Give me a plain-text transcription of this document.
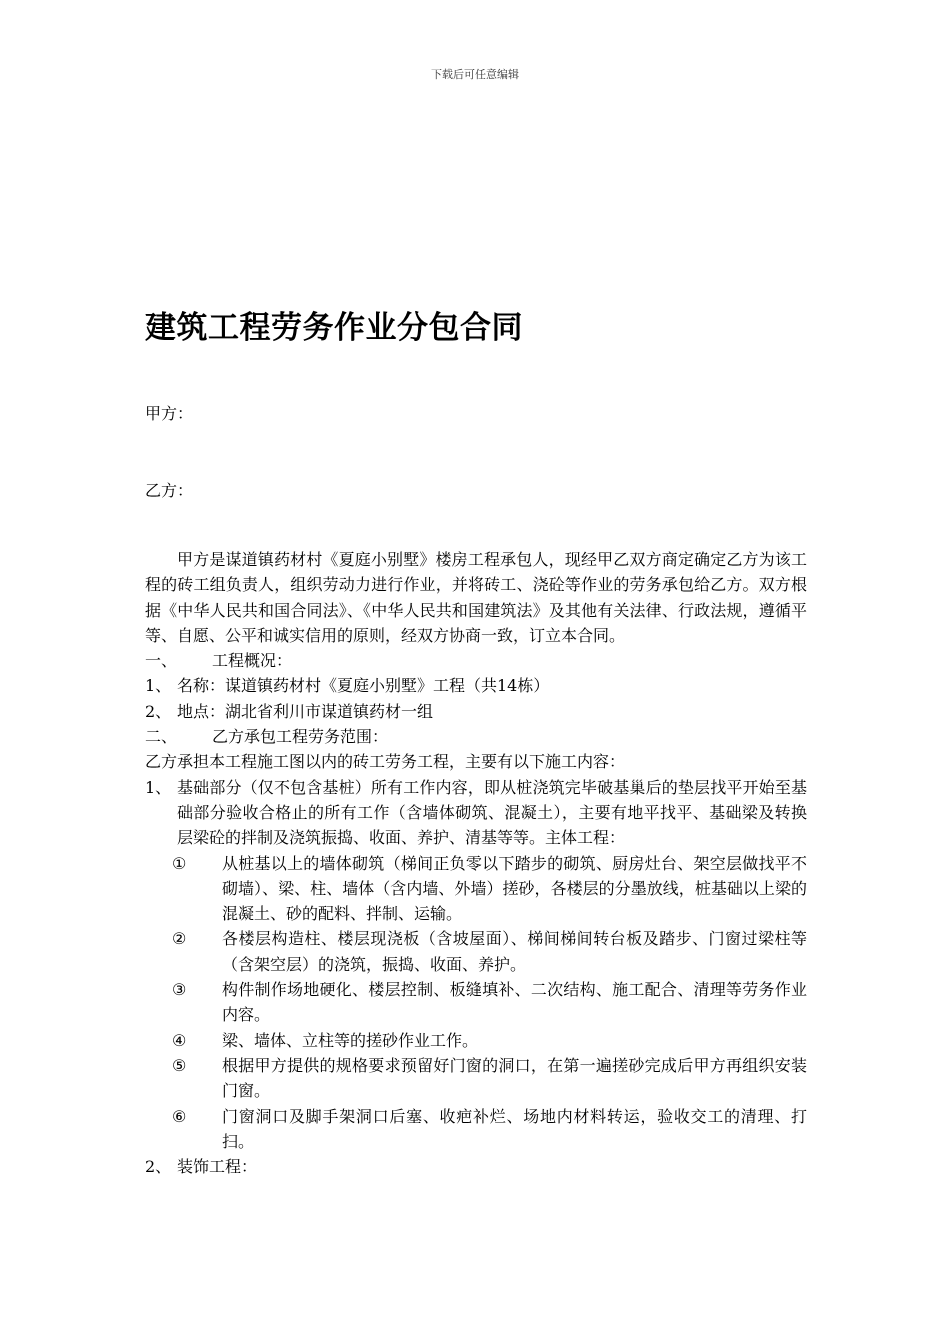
下载后可任意编辑
建筑工程劳务作业分包合同
甲方：
乙方：

甲方是谋道镇药材村《夏庭小别墅》楼房工程承包人，现经甲乙双方商定确定乙方为该工程的砖工组负责人，组织劳动力进行作业，并将砖工、浇砼等作业的劳务承包给乙方。双方根据《中华人民共和国合同法》、《中华人民共和国建筑法》及其他有关法律、行政法规，遵循平等、自愿、公平和诚实信用的原则，经双方协商一致，订立本合同。

一、	工程概况：
1、 名称：谋道镇药材村《夏庭小别墅》工程（共14栋）
2、 地点：湖北省利川市谋道镇药材一组
二、	乙方承包工程劳务范围：

乙方承担本工程施工图以内的砖工劳务工程，主要有以下施工内容：

1、 基础部分（仅不包含基桩）所有工作内容，即从桩浇筑完毕破基巢后的垫层找平开始至基础部分验收合格止的所有工作（含墙体砌筑、混凝土），主要有地平找平、基础梁及转换层梁砼的拌制及浇筑振捣、收面、养护、清基等等。主体工程：
①	从桩基以上的墙体砌筑（梯间正负零以下踏步的砌筑、厨房灶台、架空层做找平不砌墙）、梁、柱、墙体（含内墙、外墙）搓砂，各楼层的分墨放线，桩基础以上梁的混凝土、砂的配料、拌制、运输。
②	各楼层构造柱、楼层现浇板（含坡屋面）、梯间梯间转台板及踏步、门窗过梁柱等（含架空层）的浇筑，振捣、收面、养护。
③	构件制作场地硬化、楼层控制、板缝填补、二次结构、施工配合、清理等劳务作业内容。
④	梁、墙体、立柱等的搓砂作业工作。
⑤	根据甲方提供的规格要求预留好门窗的洞口，在第一遍搓砂完成后甲方再组织安装门窗。
⑥	门窗洞口及脚手架洞口后塞、收疤补烂、场地内材料转运，验收交工的清理、打扫。
2、 装饰工程：
